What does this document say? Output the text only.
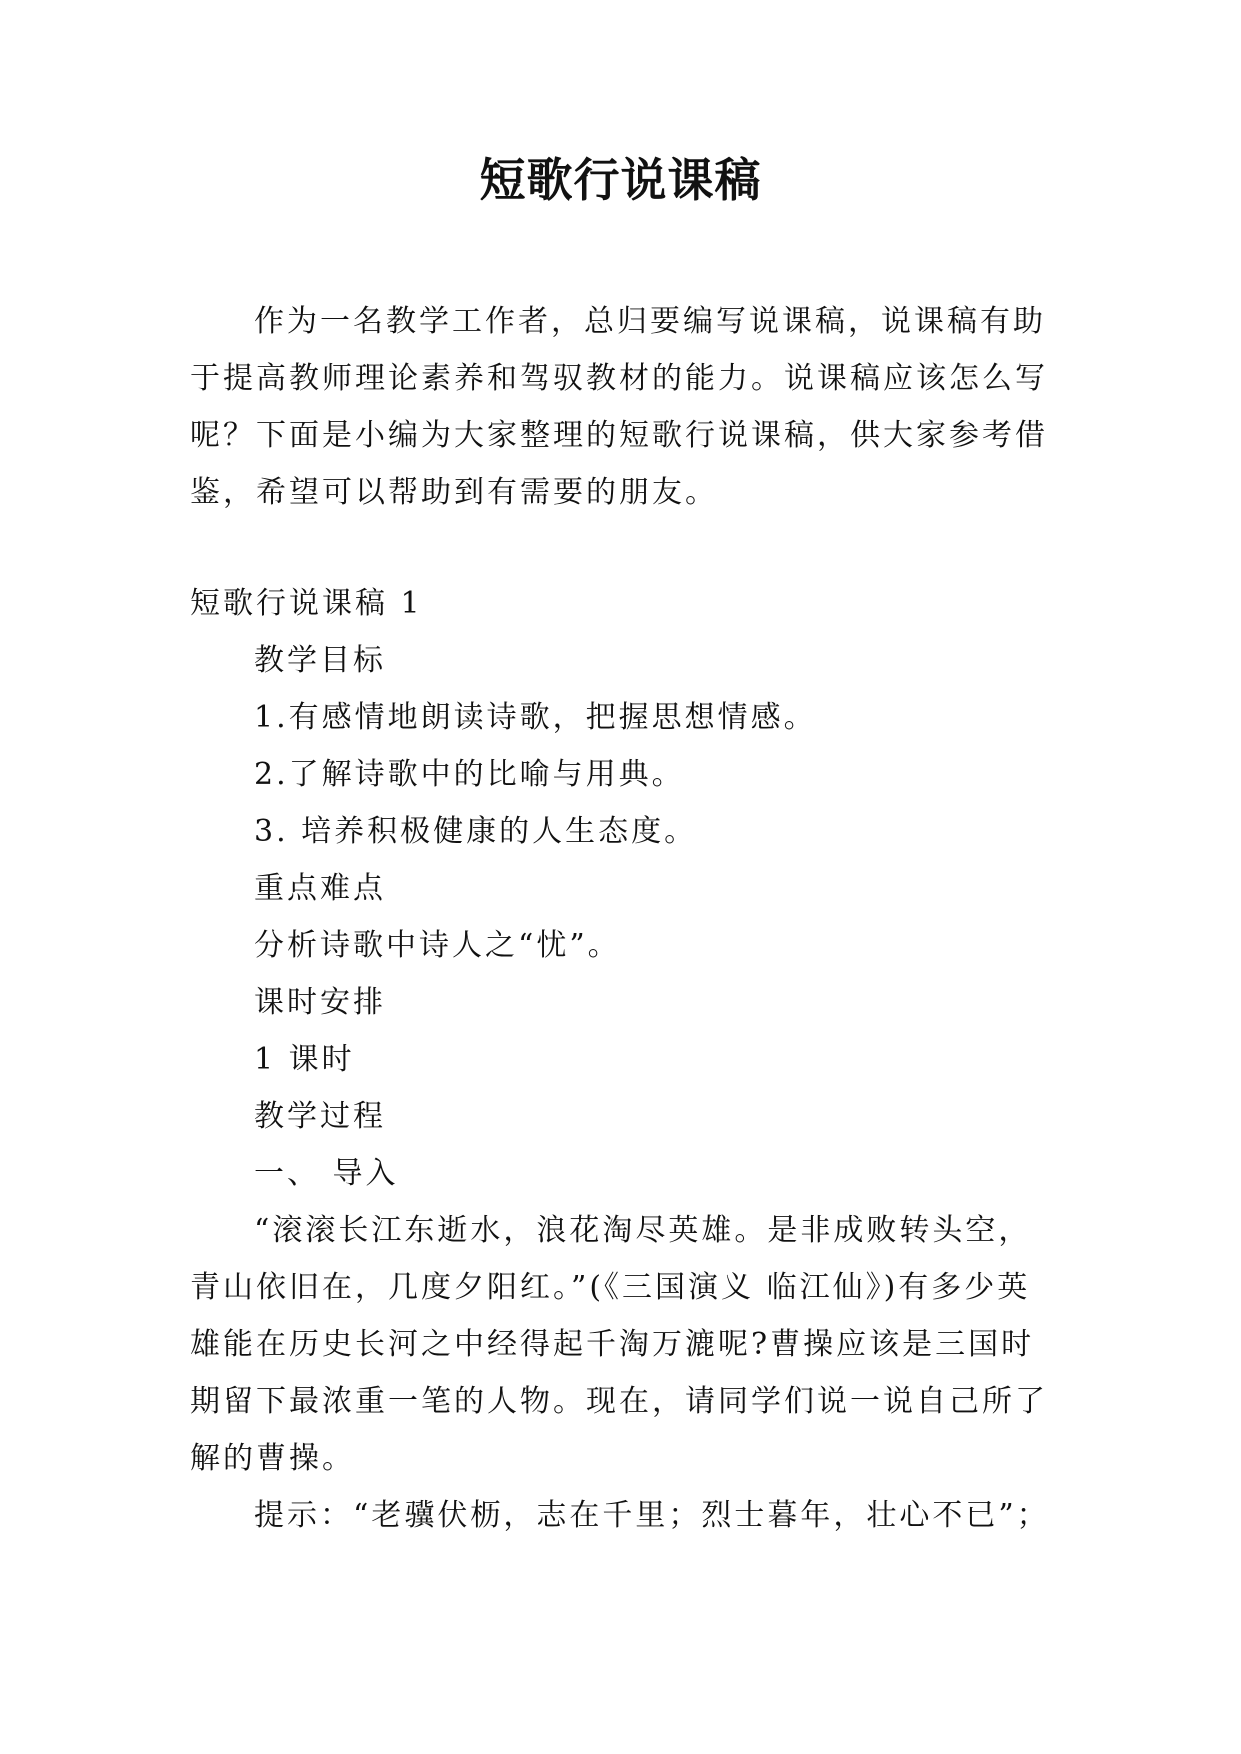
短歌行说课稿

作为一名教学工作者，总归要编写说课稿，说课稿有助于提高教师理论素养和驾驭教材的能力。说课稿应该怎么写呢？下面是小编为大家整理的短歌行说课稿，供大家参考借鉴，希望可以帮助到有需要的朋友。

短歌行说课稿 1
教学目标
1.有感情地朗读诗歌，把握思想情感。
2.了解诗歌中的比喻与用典。
3. 培养积极健康的人生态度。
重点难点
分析诗歌中诗人之“忧”。
课时安排
1 课时
教学过程
一、 导入

“滚滚长江东逝水，浪花淘尽英雄。是非成败转头空，青山依旧在，几度夕阳红。”(《三国演义 临江仙》)有多少英雄能在历史长河之中经得起千淘万漉呢?曹操应该是三国时期留下最浓重一笔的人物。现在，请同学们说一说自己所了解的曹操。

提示：“老骥伏枥，志在千里；烈士暮年，壮心不已”；
